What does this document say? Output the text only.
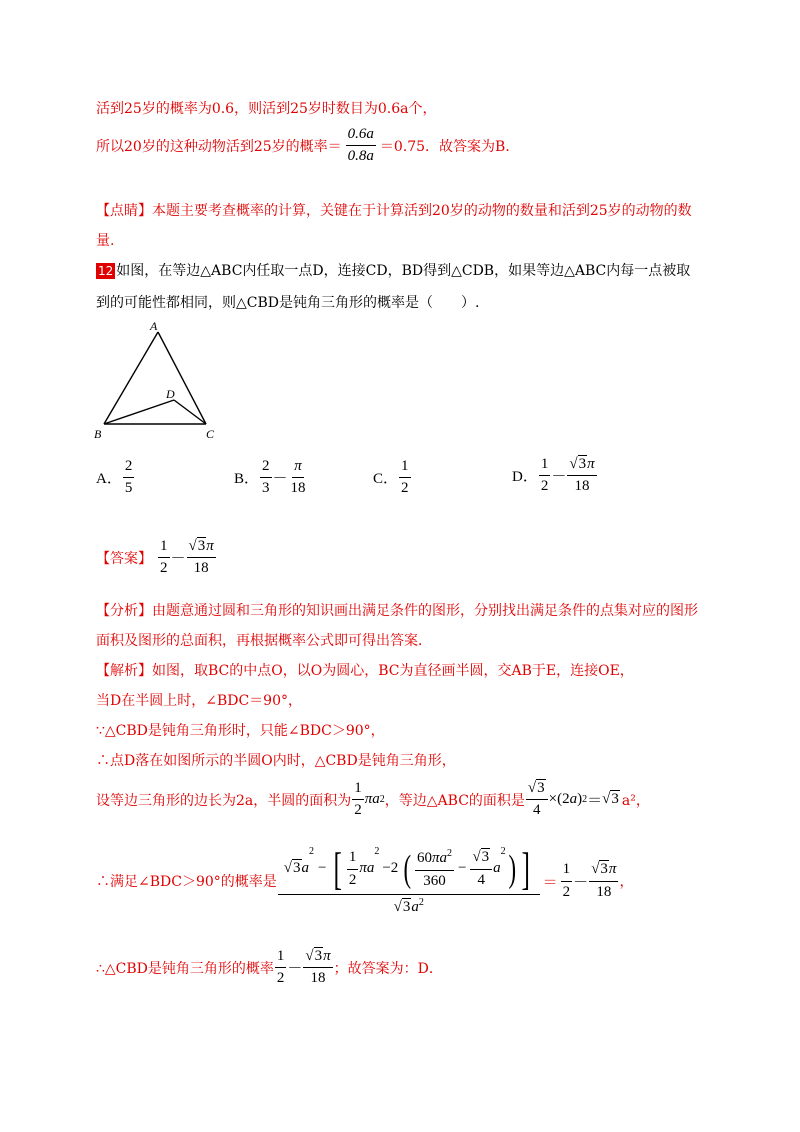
活到25岁的概率为0.6，则活到25岁时数目为0.6a个，
所以20岁的这种动物活到25岁的概率＝ $\frac{0.6a}{0.8a} =0.75$．故答案为B．
【点睛】本题主要考查概率的计算，关键在于计算活到20岁的动物的数量和活到25岁的动物的数
量.
12 如图，在等边△ABC内任取一点D，连接CD，BD得到△CDB，如果等边△ABC内每一点被取
到的可能性都相同，则△CBD是钝角三角形的概率是（　　）.
A
B	C
D
A． $\frac{2}{5}$	B． $\frac{2}{3} - \frac{\pi}{18}$	C． $\frac{1}{2}$	D． $\frac{1}{2} - \frac{√3\pi}{18}$
【答案】 $\frac{1}{2} - \frac{√3\pi}{18}$
【分析】由题意通过圆和三角形的知识画出满足条件的图形，分别找出满足条件的点集对应的图形
面积及图形的总面积，再根据概率公式即可得出答案．
【解析】如图，取BC的中点O，以O为圆心，BC为直径画半圆，交AB于E，连接OE，
当D在半圆上时，∠BDC＝90°，
∵△CBD是钝角三角形时，只能∠BDC＞90°，
∴点D落在如图所示的半圆O内时，△CBD是钝角三角形，
设等边三角形的边长为2a，半圆的面积为 $\frac{1}{2}$ πa 2 ，等边△ABC的面积是 $\frac{√3}{4} \times(2a) 2 = √3$ a²，
∴满足∠BDC＞90°的概率是
√3 a
2
− [ $\frac{1}{2}$ πa
2
−2 ( $\frac{60\pi a^2}{360} - \frac{√3}{4}$ a
2 ) ]
$√3a^2$
＝ $\frac{1}{2} - \frac{√3\pi}{18}$ ，
∴△CBD是钝角三角形的概率 $\frac{1}{2} - \frac{√3\pi}{18}$ ；故答案为：D．
